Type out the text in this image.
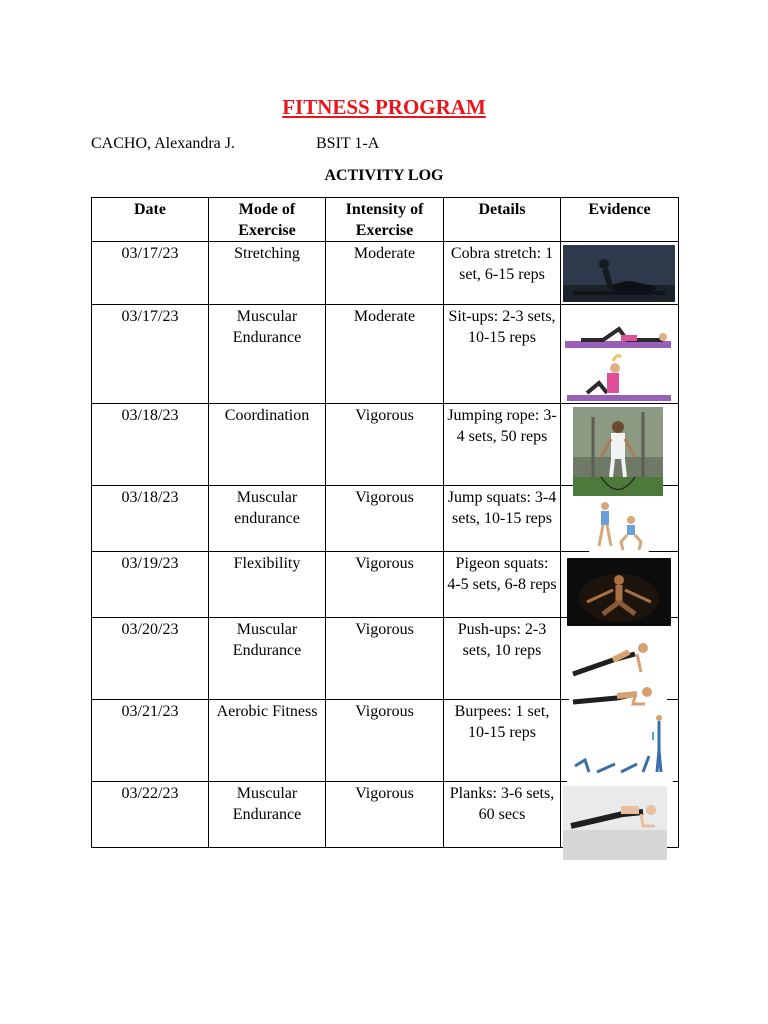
FITNESS PROGRAM
CACHO, Alexandra J.	BSIT 1-A
ACTIVITY LOG
Date	Mode of Exercise	Intensity of Exercise	Details	Evidence
03/17/23	Stretching	Moderate	Cobra stretch: 1 set, 6-15 reps	

03/17/23	Muscular Endurance	Moderate	Sit-ups: 2-3 sets, 10-15 reps	

03/18/23	Coordination	Vigorous	Jumping rope: 3-4 sets, 50 reps	

03/18/23	Muscular endurance	Vigorous	Jump squats: 3-4 sets, 10-15 reps	

03/19/23	Flexibility	Vigorous	Pigeon squats: 4-5 sets, 6-8 reps	

03/20/23	Muscular Endurance	Vigorous	Push-ups: 2-3 sets, 10 reps	

03/21/23	Aerobic Fitness	Vigorous	Burpees: 1 set, 10-15 reps	

03/22/23	Muscular Endurance	Vigorous	Planks: 3-6 sets, 60 secs	
